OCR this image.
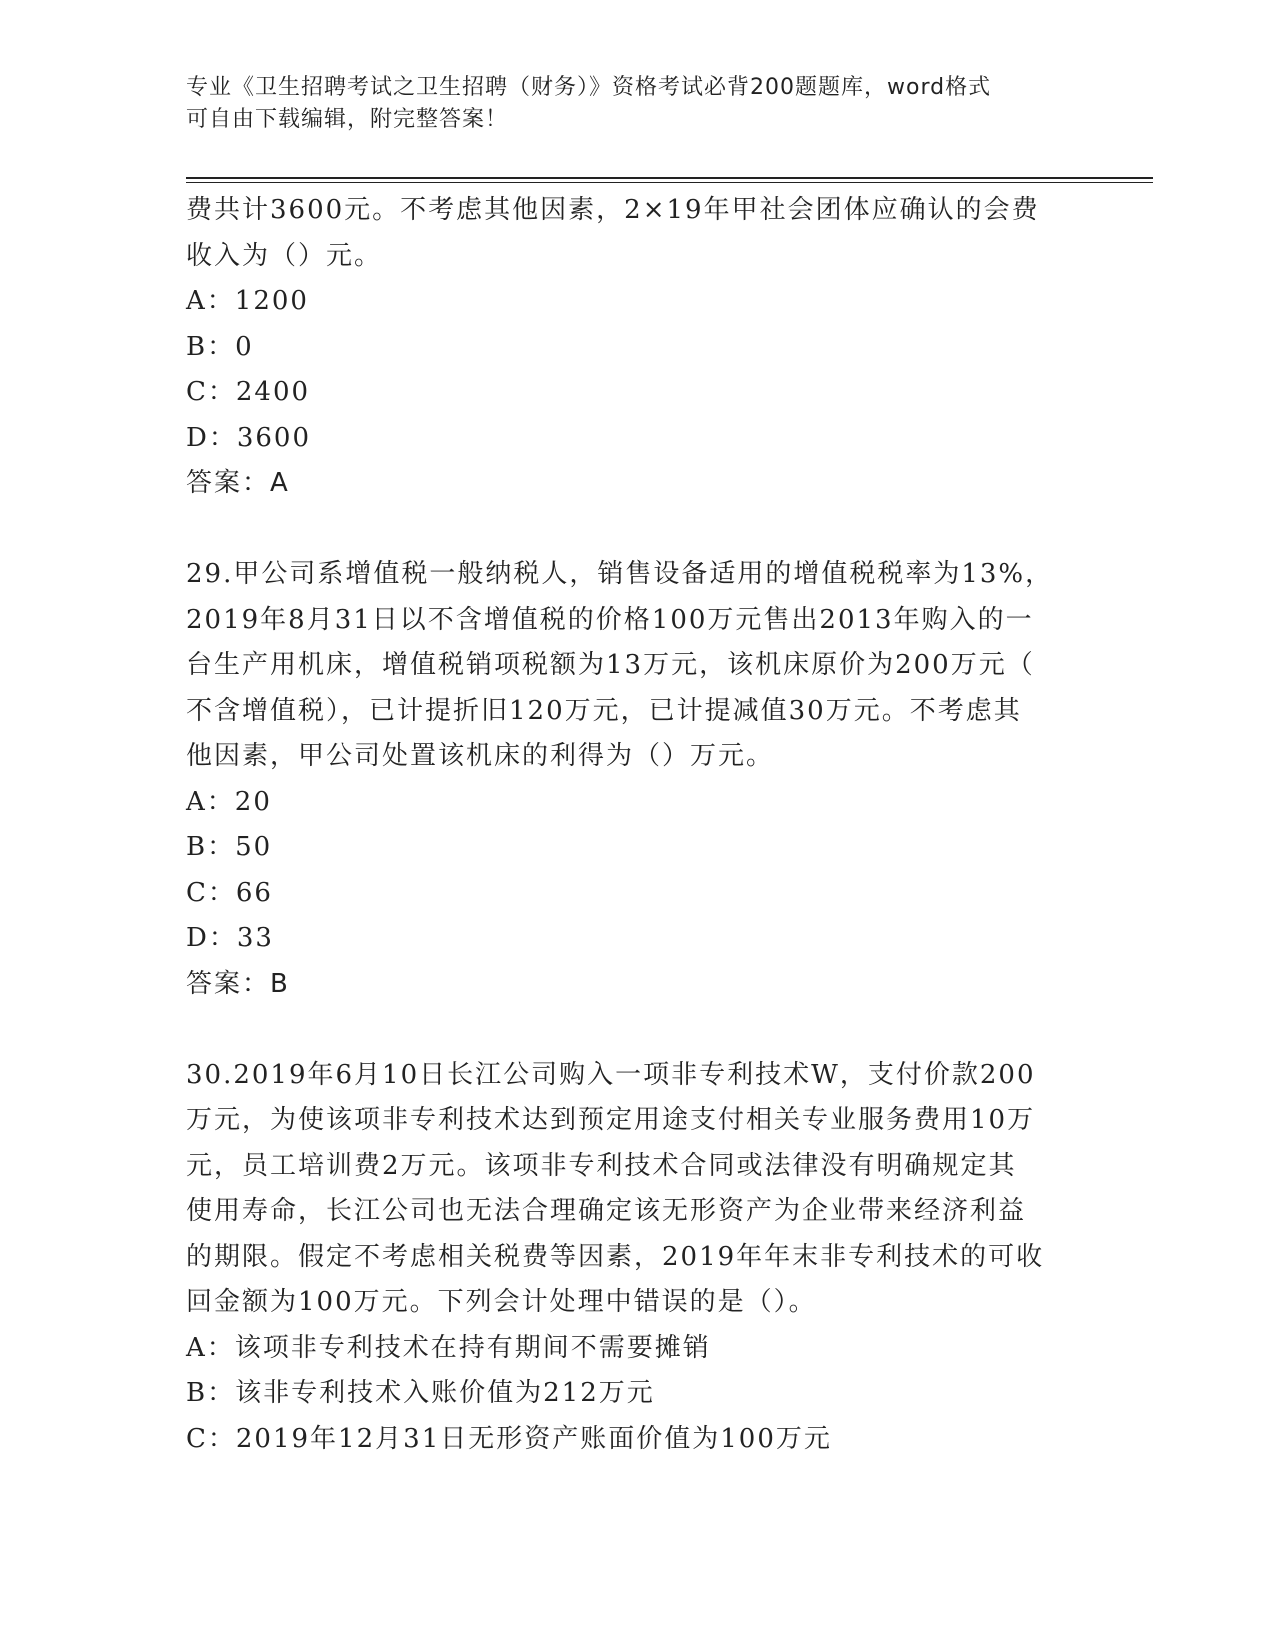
专业《卫生招聘考试之卫生招聘（财务）》资格考试必背200题题库，word格式
可自由下载编辑，附完整答案！
费共计3600元。不考虑其他因素，2×19年甲社会团体应确认的会费
收入为（）元。
A：1200
B：0
C：2400
D：3600
答案：A
29.甲公司系增值税一般纳税人，销售设备适用的增值税税率为13%，
2019年8月31日以不含增值税的价格100万元售出2013年购入的一
台生产用机床，增值税销项税额为13万元，该机床原价为200万元（
不含增值税），已计提折旧120万元，已计提减值30万元。不考虑其
他因素，甲公司处置该机床的利得为（）万元。
A：20
B：50
C：66
D：33
答案：B
30.2019年6月10日长江公司购入一项非专利技术W，支付价款200
万元，为使该项非专利技术达到预定用途支付相关专业服务费用10万
元，员工培训费2万元。该项非专利技术合同或法律没有明确规定其
使用寿命，长江公司也无法合理确定该无形资产为企业带来经济利益
的期限。假定不考虑相关税费等因素，2019年年末非专利技术的可收
回金额为100万元。下列会计处理中错误的是（）。
A：该项非专利技术在持有期间不需要摊销
B：该非专利技术入账价值为212万元
C：2019年12月31日无形资产账面价值为100万元
